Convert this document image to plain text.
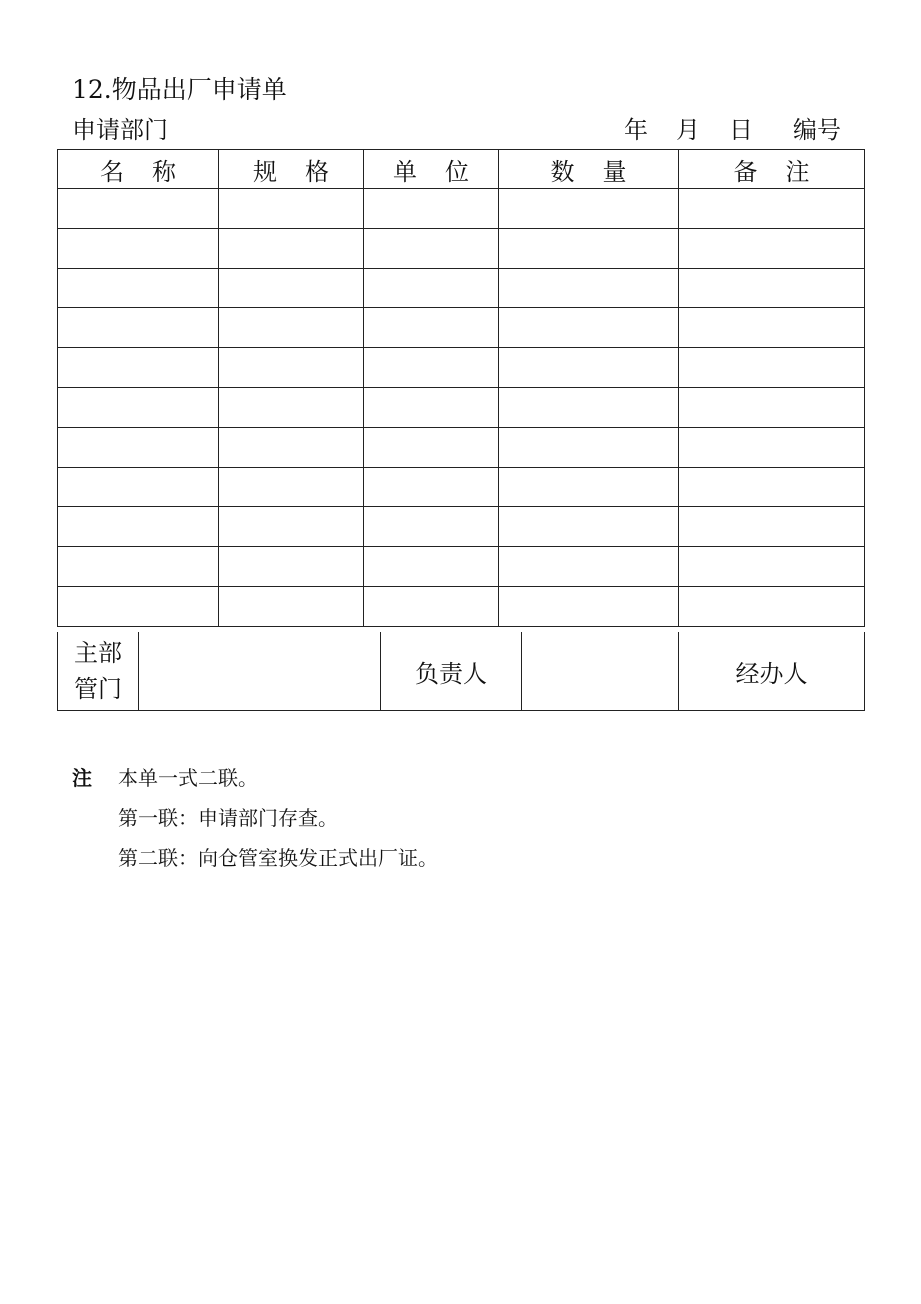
12.物品出厂申请单
申请部门	年 月 日 编号
名 称	规 格	单 位	数 量	备 注

主部
管门
		负责人		经办人
注 本单一式二联。
第一联：申请部门存查。
第二联：向仓管室换发正式出厂证。
